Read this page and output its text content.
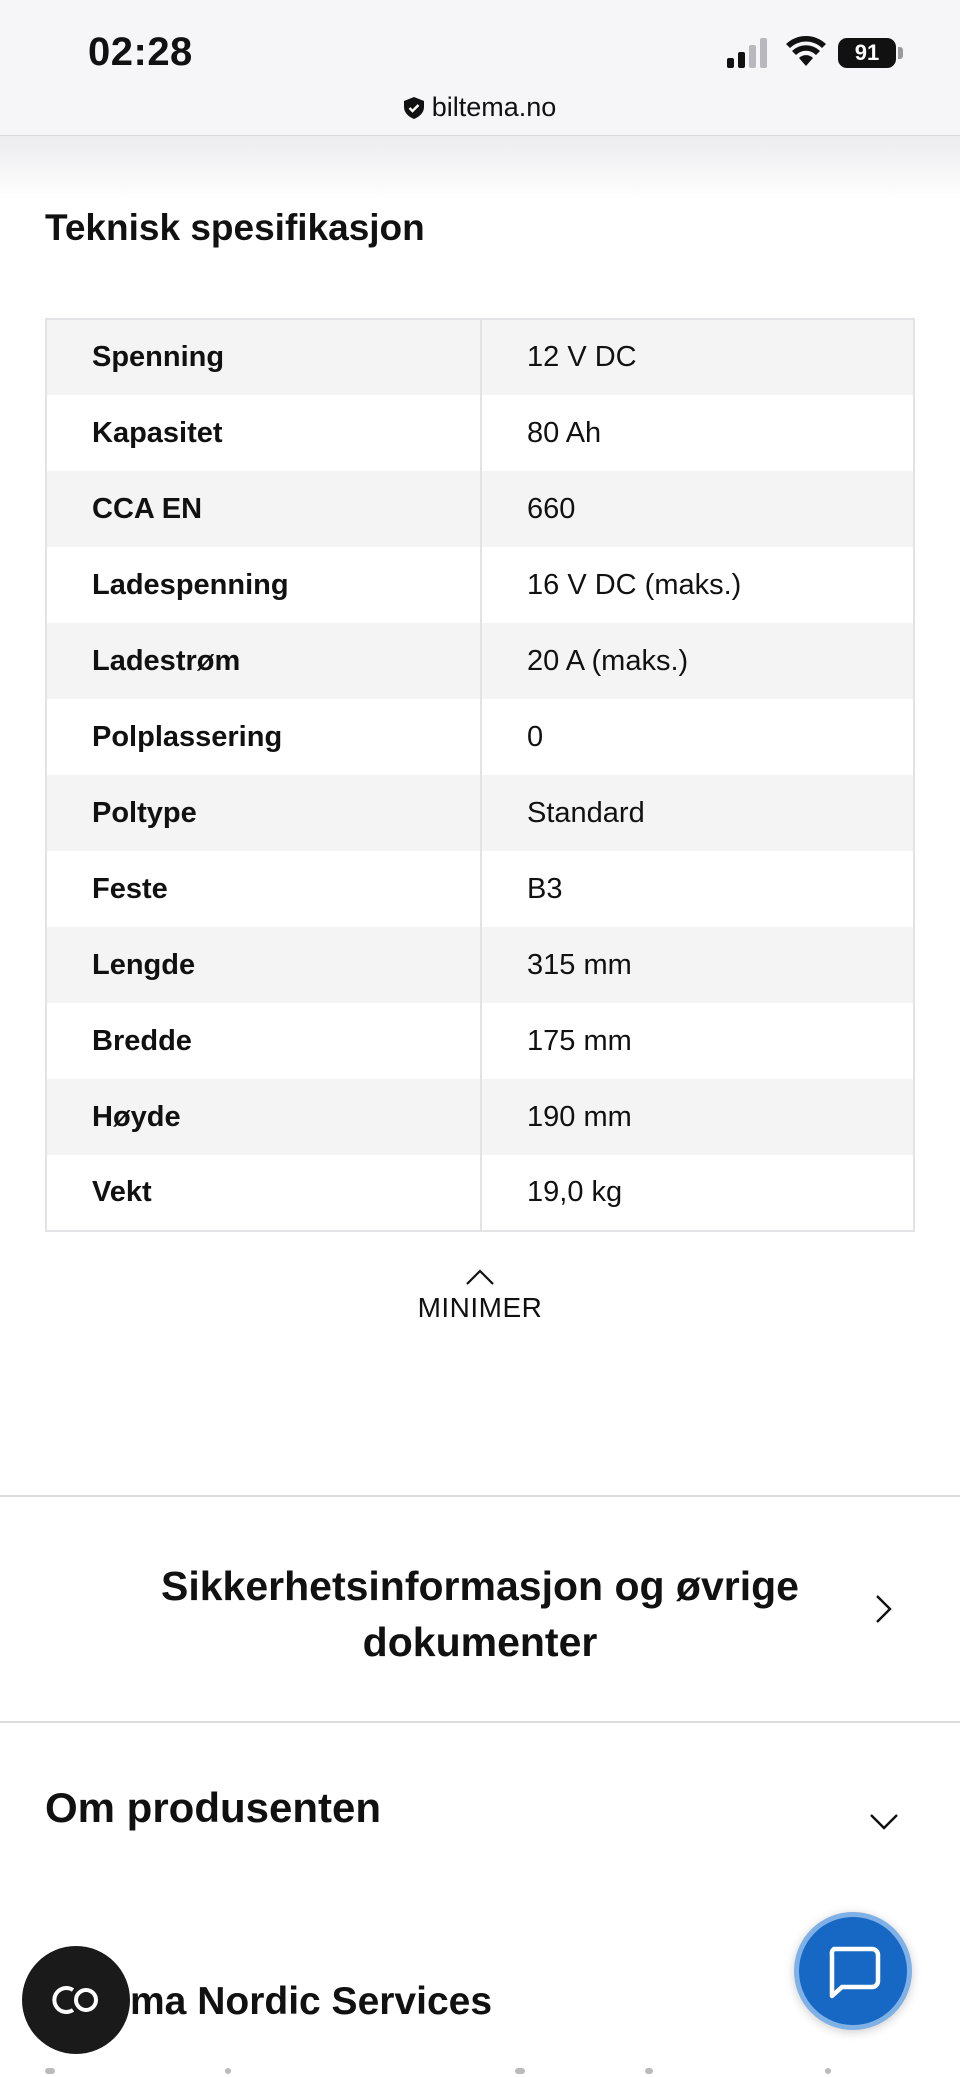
02:28	91
biltema.no
Teknisk spesifikasjon
Spenning	12 V DC
Kapasitet	80 Ah
CCA EN	660
Ladespenning	16 V DC (maks.)
Ladestrøm	20 A (maks.)
Polplassering	0
Poltype	Standard
Feste	B3
Lengde	315 mm
Bredde	175 mm
Høyde	190 mm
Vekt	19,0 kg
MINIMER
Sikkerhetsinformasjon og øvrige dokumenter
Om produsenten
ma Nordic Services
